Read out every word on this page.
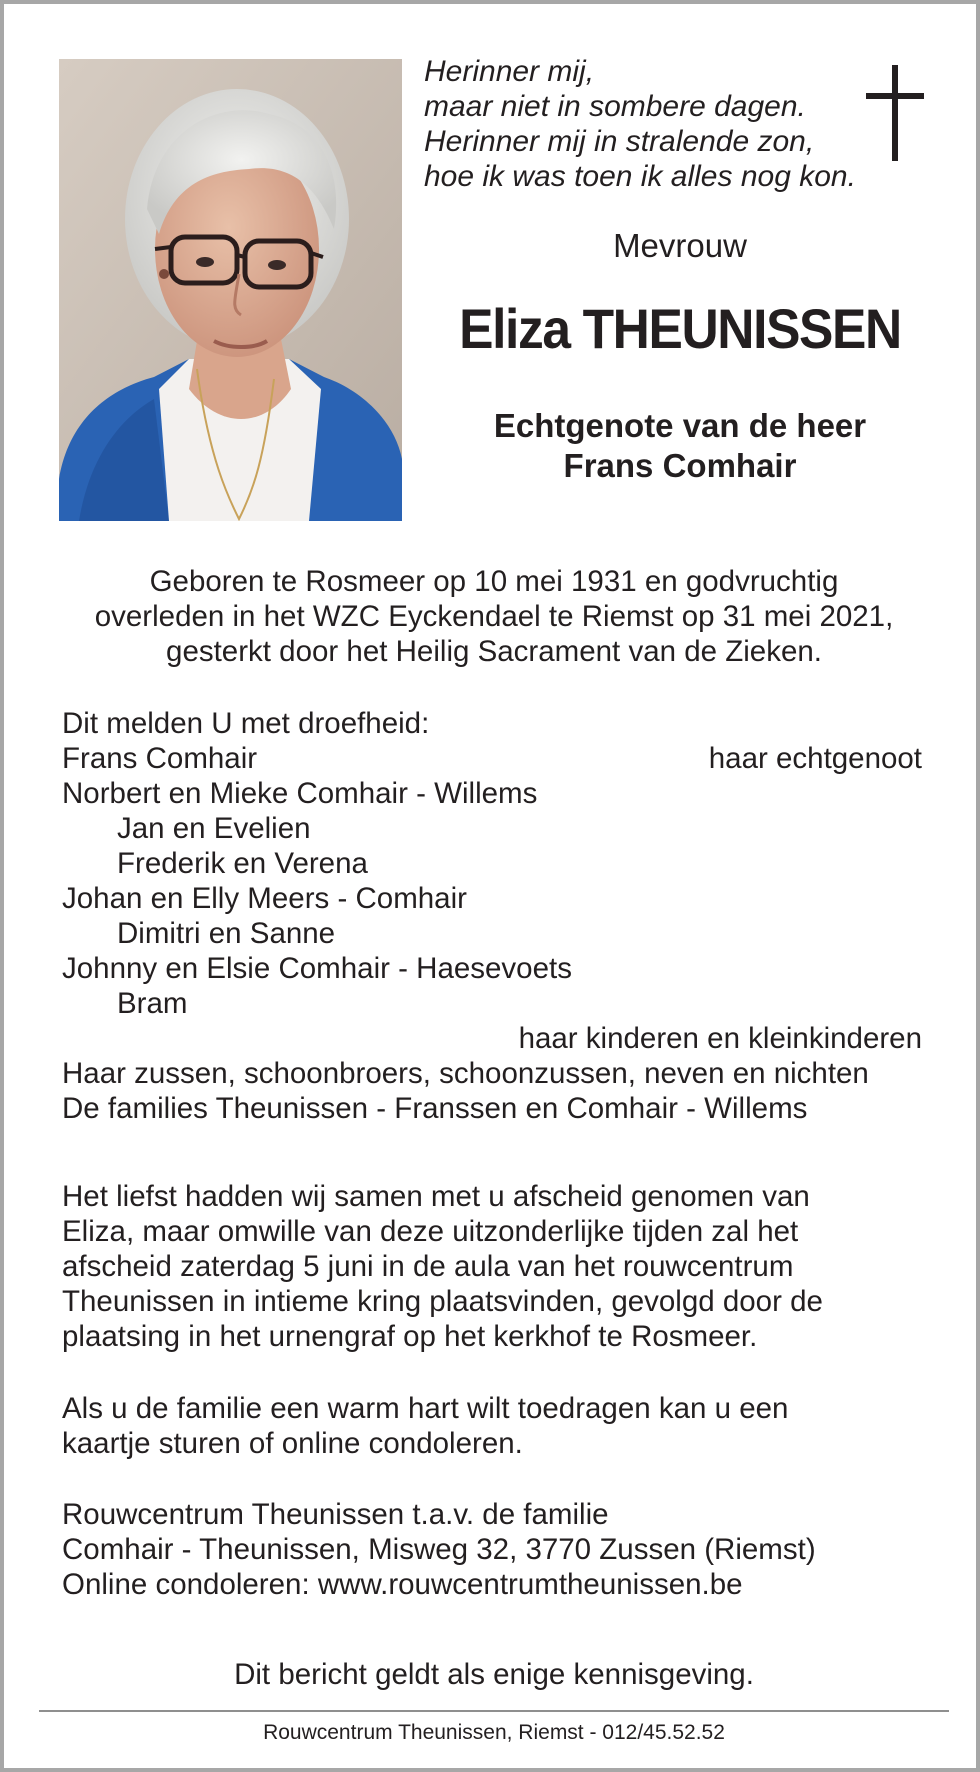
Herinner mij,
maar niet in sombere dagen.
Herinner mij in stralende zon,
hoe ik was toen ik alles nog kon.
Mevrouw
Eliza THEUNISSEN
Echtgenote van de heer
Frans Comhair
Geboren te Rosmeer op 10 mei 1931 en godvruchtig
overleden in het WZC Eyckendael te Riemst op 31 mei 2021,
gesterkt door het Heilig Sacrament van de Zieken.
Dit melden U met droefheid:
Frans Comhair	haar echtgenoot
Norbert en Mieke Comhair - Willems
Jan en Evelien
Frederik en Verena
Johan en Elly Meers - Comhair
Dimitri en Sanne
Johnny en Elsie Comhair - Haesevoets
Bram
haar kinderen en kleinkinderen
Haar zussen, schoonbroers, schoonzussen, neven en nichten
De families Theunissen - Franssen en Comhair - Willems
Het liefst hadden wij samen met u afscheid genomen van
Eliza, maar omwille van deze uitzonderlijke tijden zal het
afscheid zaterdag 5 juni in de aula van het rouwcentrum
Theunissen in intieme kring plaatsvinden, gevolgd door de
plaatsing in het urnengraf op het kerkhof te Rosmeer.
Als u de familie een warm hart wilt toedragen kan u een
kaartje sturen of online condoleren.
Rouwcentrum Theunissen t.a.v. de familie
Comhair - Theunissen, Misweg 32, 3770 Zussen (Riemst)
Online condoleren: www.rouwcentrumtheunissen.be
Dit bericht geldt als enige kennisgeving.
Rouwcentrum Theunissen, Riemst - 012/45.52.52
